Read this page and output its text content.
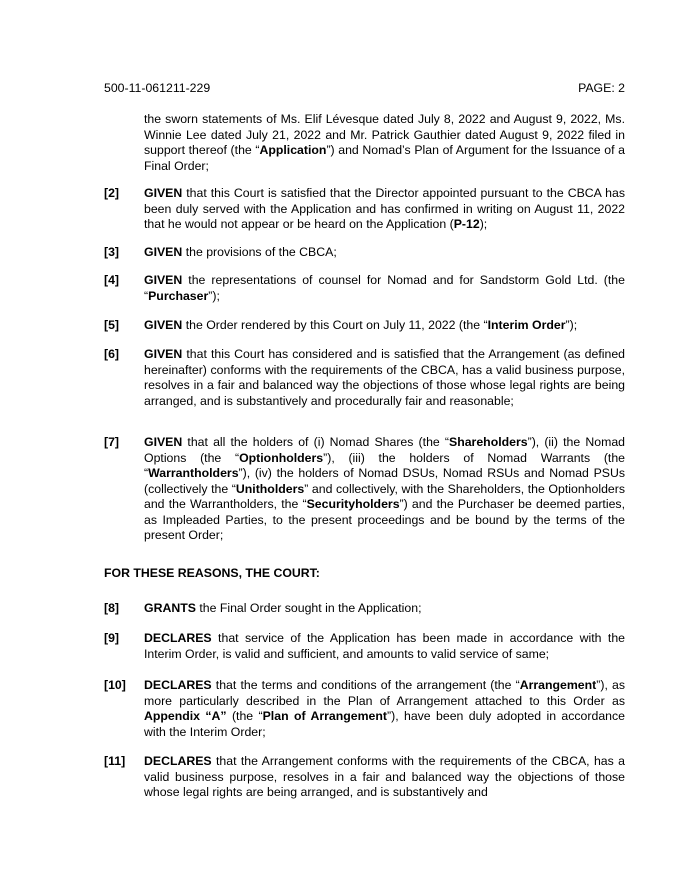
500-11-061211-229	PAGE: 2
the sworn statements of Ms. Elif Lévesque dated July 8, 2022 and August 9, 2022, Ms. Winnie Lee dated July 21, 2022 and Mr. Patrick Gauthier dated August 9, 2022 filed in support thereof (the “Application”) and Nomad’s Plan of Argument for the Issuance of a Final Order;
[2] GIVEN that this Court is satisfied that the Director appointed pursuant to the CBCA has been duly served with the Application and has confirmed in writing on August 11, 2022 that he would not appear or be heard on the Application (P-12);
[3] GIVEN the provisions of the CBCA;
[4] GIVEN the representations of counsel for Nomad and for Sandstorm Gold Ltd. (the “Purchaser”);
[5] GIVEN the Order rendered by this Court on July 11, 2022 (the “Interim Order”);
[6] GIVEN that this Court has considered and is satisfied that the Arrangement (as defined hereinafter) conforms with the requirements of the CBCA, has a valid business purpose, resolves in a fair and balanced way the objections of those whose legal rights are being arranged, and is substantively and procedurally fair and reasonable;
[7] GIVEN that all the holders of (i) Nomad Shares (the “Shareholders”), (ii) the Nomad Options (the “Optionholders”), (iii) the holders of Nomad Warrants (the “Warrantholders”), (iv) the holders of Nomad DSUs, Nomad RSUs and Nomad PSUs (collectively the “Unitholders” and collectively, with the Shareholders, the Optionholders and the Warrantholders, the “Securityholders”) and the Purchaser be deemed parties, as Impleaded Parties, to the present proceedings and be bound by the terms of the present Order;
FOR THESE REASONS, THE COURT:
[8] GRANTS the Final Order sought in the Application;
[9] DECLARES that service of the Application has been made in accordance with the Interim Order, is valid and sufficient, and amounts to valid service of same;
[10] DECLARES that the terms and conditions of the arrangement (the “Arrangement”), as more particularly described in the Plan of Arrangement attached to this Order as Appendix “A” (the “Plan of Arrangement”), have been duly adopted in accordance with the Interim Order;
[11] DECLARES that the Arrangement conforms with the requirements of the CBCA, has a valid business purpose, resolves in a fair and balanced way the objections of those whose legal rights are being arranged, and is substantively and
